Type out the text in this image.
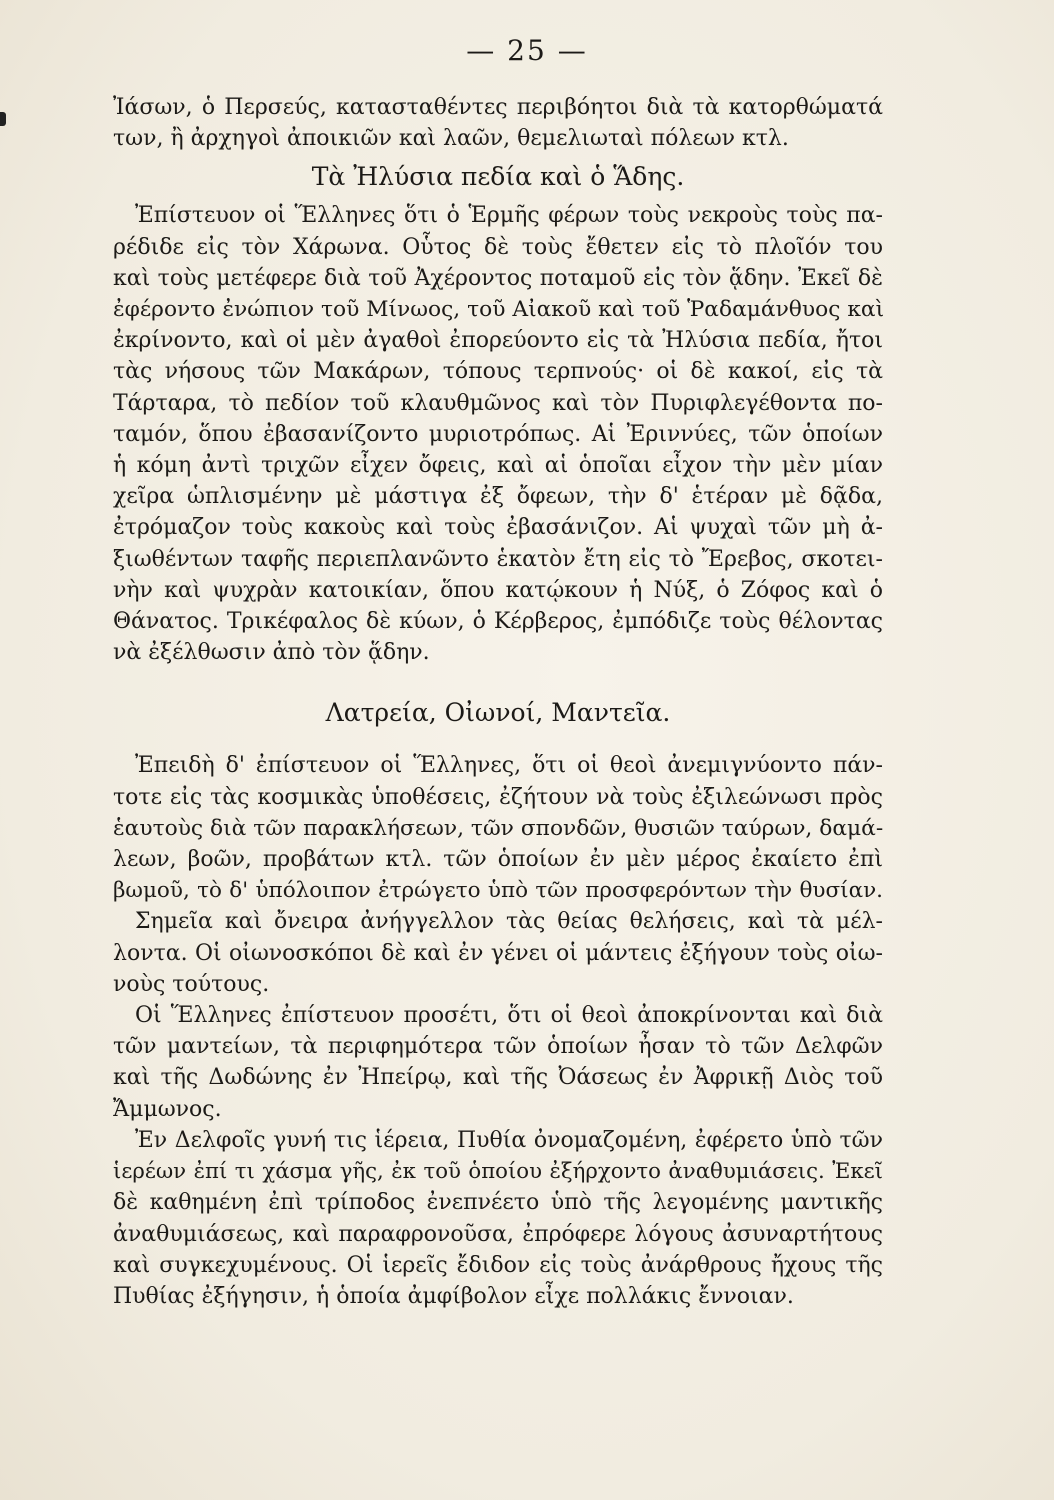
— 25 —
Ἰάσων, ὁ Περσεύς, κατασταθέντες περιβόητοι διὰ τὰ κατορθώματά
των, ἢ ἀρχηγοὶ ἀποικιῶν καὶ λαῶν, θεμελιωταὶ πόλεων κτλ.
Τὰ Ἠλύσια πεδία καὶ ὁ Ἅδης.
Ἐπίστευον οἱ Ἕλληνες ὅτι ὁ Ἑρμῆς φέρων τοὺς νεκροὺς τοὺς πα-
ρέδιδε εἰς τὸν Χάρωνα. Οὗτος δὲ τοὺς ἔθετεν εἰς τὸ πλοῖόν του
καὶ τοὺς μετέφερε διὰ τοῦ Ἀχέροντος ποταμοῦ εἰς τὸν ᾅδην. Ἐκεῖ δὲ
ἐφέροντο ἐνώπιον τοῦ Μίνωος, τοῦ Αἰακοῦ καὶ τοῦ Ῥαδαμάνθυος καὶ
ἐκρίνοντο, καὶ οἱ μὲν ἀγαθοὶ ἐπορεύοντο εἰς τὰ Ἠλύσια πεδία, ἤτοι
τὰς νήσους τῶν Μακάρων, τόπους τερπνούς· οἱ δὲ κακοί, εἰς τὰ
Τάρταρα, τὸ πεδίον τοῦ κλαυθμῶνος καὶ τὸν Πυριφλεγέθοντα πο-
ταμόν, ὅπου ἐβασανίζοντο μυριοτρόπως. Αἱ Ἐριννύες, τῶν ὁποίων
ἡ κόμη ἀντὶ τριχῶν εἶχεν ὄφεις, καὶ αἱ ὁποῖαι εἶχον τὴν μὲν μίαν
χεῖρα ὡπλισμένην μὲ μάστιγα ἐξ ὄφεων, τὴν δ' ἑτέραν μὲ δᾷδα,
ἐτρόμαζον τοὺς κακοὺς καὶ τοὺς ἐβασάνιζον. Αἱ ψυχαὶ τῶν μὴ ἀ-
ξιωθέντων ταφῆς περιεπλανῶντο ἑκατὸν ἔτη εἰς τὸ Ἔρεβος, σκοτει-
νὴν καὶ ψυχρὰν κατοικίαν, ὅπου κατῴκουν ἡ Νύξ, ὁ Ζόφος καὶ ὁ
Θάνατος. Τρικέφαλος δὲ κύων, ὁ Κέρβερος, ἐμπόδιζε τοὺς θέλοντας
νὰ ἐξέλθωσιν ἀπὸ τὸν ᾅδην.
Λατρεία, Οἰωνοί, Μαντεῖα.
Ἐπειδὴ δ' ἐπίστευον οἱ Ἕλληνες, ὅτι οἱ θεοὶ ἀνεμιγνύοντο πάν-
τοτε εἰς τὰς κοσμικὰς ὑποθέσεις, ἐζήτουν νὰ τοὺς ἐξιλεώνωσι πρὸς
ἑαυτοὺς διὰ τῶν παρακλήσεων, τῶν σπονδῶν, θυσιῶν ταύρων, δαμά-
λεων, βοῶν, προβάτων κτλ. τῶν ὁποίων ἐν μὲν μέρος ἐκαίετο ἐπὶ
βωμοῦ, τὸ δ' ὑπόλοιπον ἐτρώγετο ὑπὸ τῶν προσφερόντων τὴν θυσίαν.
Σημεῖα καὶ ὄνειρα ἀνήγγελλον τὰς θείας θελήσεις, καὶ τὰ μέλ-
λοντα. Οἱ οἰωνοσκόποι δὲ καὶ ἐν γένει οἱ μάντεις ἐξήγουν τοὺς οἰω-
νοὺς τούτους.
Οἱ Ἕλληνες ἐπίστευον προσέτι, ὅτι οἱ θεοὶ ἀποκρίνονται καὶ διὰ
τῶν μαντείων, τὰ περιφημότερα τῶν ὁποίων ἦσαν τὸ τῶν Δελφῶν
καὶ τῆς Δωδώνης ἐν Ἠπείρῳ, καὶ τῆς Ὀάσεως ἐν Ἀφρικῇ Διὸς τοῦ
Ἄμμωνος.
Ἐν Δελφοῖς γυνή τις ἱέρεια, Πυθία ὀνομαζομένη, ἐφέρετο ὑπὸ τῶν
ἱερέων ἐπί τι χάσμα γῆς, ἐκ τοῦ ὁποίου ἐξήρχοντο ἀναθυμιάσεις. Ἐκεῖ
δὲ καθημένη ἐπὶ τρίποδος ἐνεπνέετο ὑπὸ τῆς λεγομένης μαντικῆς
ἀναθυμιάσεως, καὶ παραφρονοῦσα, ἐπρόφερε λόγους ἀσυναρτήτους
καὶ συγκεχυμένους. Οἱ ἱερεῖς ἔδιδον εἰς τοὺς ἀνάρθρους ἤχους τῆς
Πυθίας ἐξήγησιν, ἡ ὁποία ἀμφίβολον εἶχε πολλάκις ἔννοιαν.
